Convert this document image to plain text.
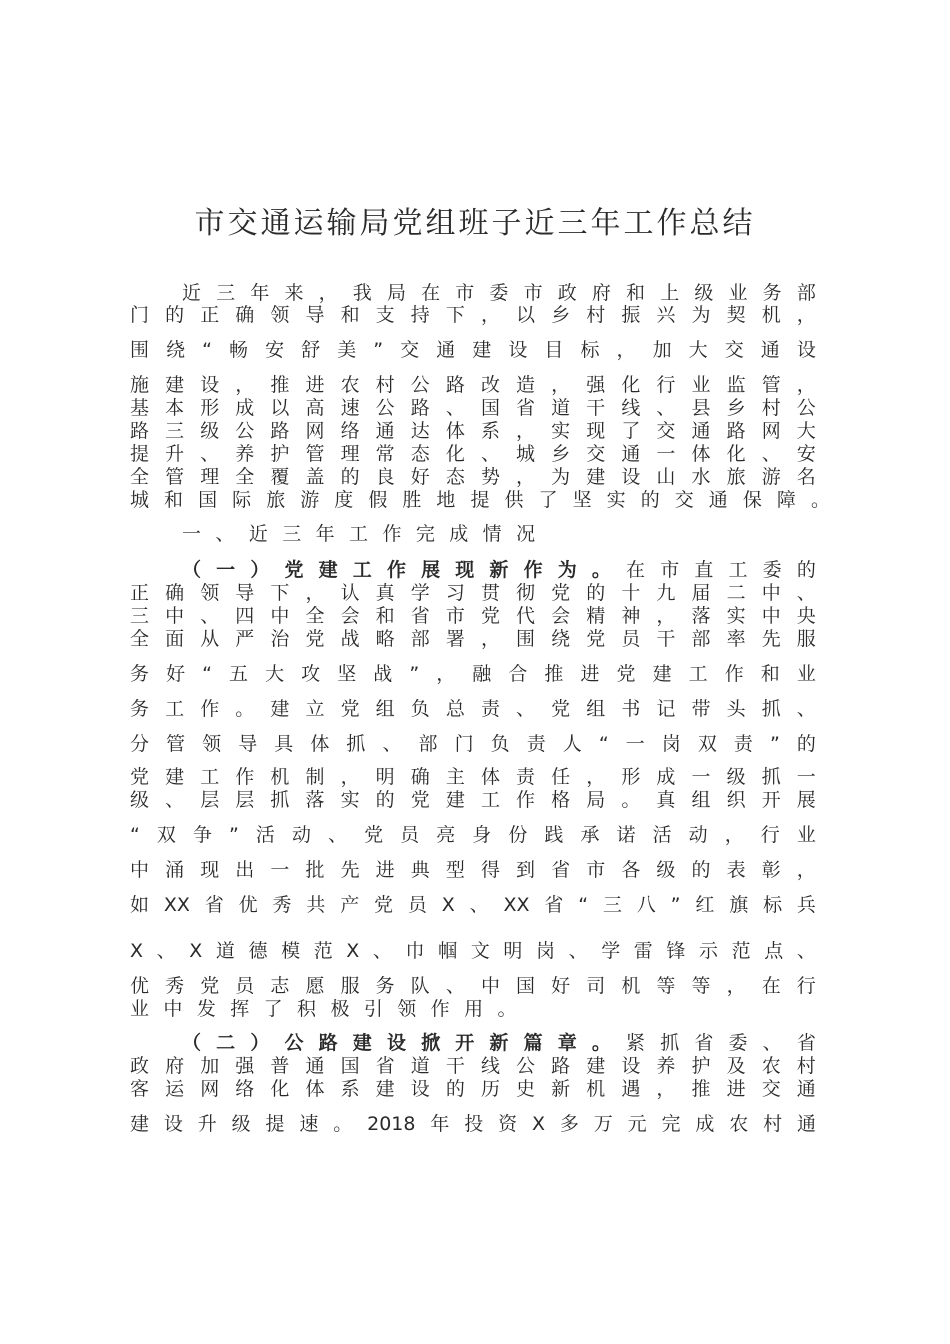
市交通运输局党组班子近三年工作总结
近 三 年 来 ， 我 局 在 市 委 市 政 府 和 上 级 业 务 部
门 的 正 确 领 导 和 支 持 下 ， 以 乡 村 振 兴 为 契 机 ，
围 绕 “ 畅 安 舒 美 ” 交 通 建 设 目 标 ， 加 大 交 通 设
施 建 设 ， 推 进 农 村 公 路 改 造 ， 强 化 行 业 监 管 ，
基 本 形 成 以 高 速 公 路 、 国 省 道 干 线 、 县 乡 村 公
路 三 级 公 路 网 络 通 达 体 系 ， 实 现 了 交 通 路 网 大
提 升 、 养 护 管 理 常 态 化 、 城 乡 交 通 一 体 化 、 安
全 管 理 全 覆 盖 的 良 好 态 势 ， 为 建 设 山 水 旅 游 名
城 和 国 际 旅 游 度 假 胜 地 提 供 了 坚 实 的 交 通 保 障 。
一 、 近 三 年 工 作 完 成 情 况
（ 一 ） 党 建 工 作 展 现 新 作 为 。 在 市 直 工 委 的
正 确 领 导 下 ， 认 真 学 习 贯 彻 党 的 十 九 届 二 中 、
三 中 、 四 中 全 会 和 省 市 党 代 会 精 神 ， 落 实 中 央
全 面 从 严 治 党 战 略 部 署 ， 围 绕 党 员 干 部 率 先 服
务 好 “ 五 大 攻 坚 战 ” ， 融 合 推 进 党 建 工 作 和 业
务 工 作 。 建 立 党 组 负 总 责 、 党 组 书 记 带 头 抓 、
分 管 领 导 具 体 抓 、 部 门 负 责 人 “ 一 岗 双 责 ” 的
党 建 工 作 机 制 ， 明 确 主 体 责 任 ， 形 成 一 级 抓 一
级 、 层 层 抓 落 实 的 党 建 工 作 格 局 。 真 组 织 开 展
“ 双 争 ” 活 动 、 党 员 亮 身 份 践 承 诺 活 动 ， 行 业
中 涌 现 出 一 批 先 进 典 型 得 到 省 市 各 级 的 表 彰 ，
如 XX 省 优 秀 共 产 党 员 X 、 XX 省 “ 三 八 ” 红 旗 标 兵
X 、 X 道 德 模 范 X 、 巾 帼 文 明 岗 、 学 雷 锋 示 范 点 、
优 秀 党 员 志 愿 服 务 队 、 中 国 好 司 机 等 等 ， 在 行
业 中 发 挥 了 积 极 引 领 作 用 。
（ 二 ） 公 路 建 设 掀 开 新 篇 章 。 紧 抓 省 委 、 省
政 府 加 强 普 通 国 省 道 干 线 公 路 建 设 养 护 及 农 村
客 运 网 络 化 体 系 建 设 的 历 史 新 机 遇 ， 推 进 交 通
建 设 升 级 提 速 。 2018 年 投 资 X 多 万 元 完 成 农 村 通
